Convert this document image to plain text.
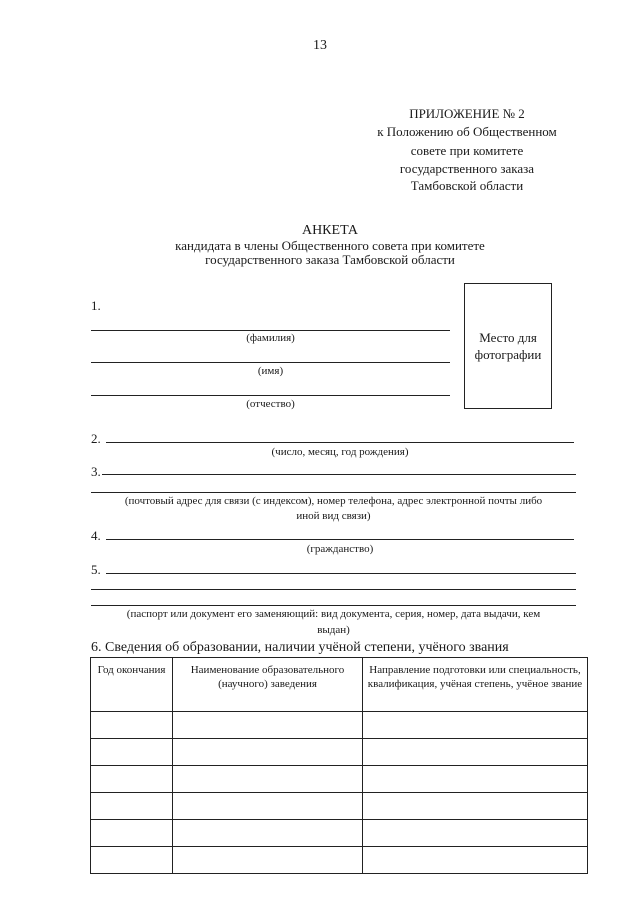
13
ПРИЛОЖЕНИЕ № 2
к Положению об Общественном
совете при комитете
государственного заказа
Тамбовской области
АНКЕТА
кандидата в члены Общественного совета при комитете
государственного заказа Тамбовской области
1.
(фамилия)
(имя)
(отчество)
Место для
фотографии
2.
(число, месяц, год рождения)
3.
(почтовый адрес для связи (с индексом), номер телефона, адрес электронной почты либо
иной вид связи)
4.
(гражданство)
5.
(паспорт или документ его заменяющий: вид документа, серия, номер, дата выдачи, кем
выдан)
6. Сведения об образовании, наличии учёной степени, учёного звания
Год окончания	Наименование образовательного (научного) заведения	Направление подготовки или специальность, квалификация, учёная степень, учёное звание
